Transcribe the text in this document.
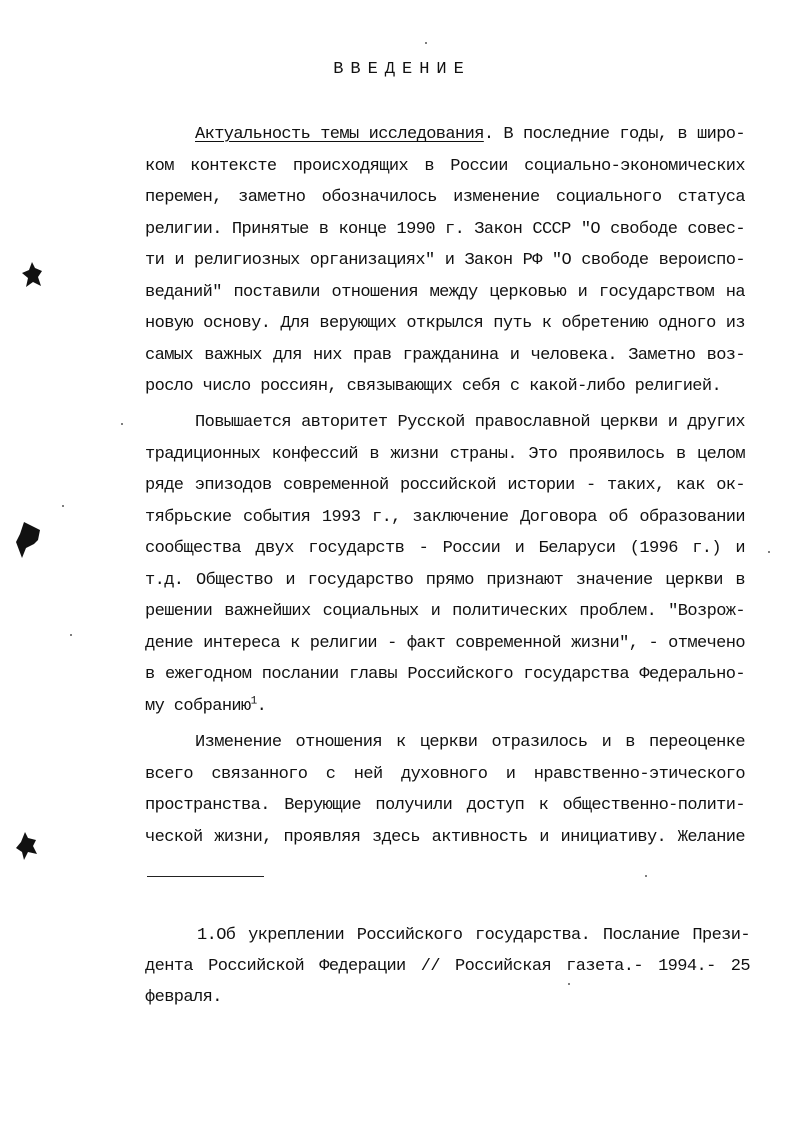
ВВЕДЕНИЕ
Актуальность темы исследования. В последние годы, в широ-
ком контексте происходящих в России социально-экономических
перемен, заметно обозначилось изменение социального статуса
религии. Принятые в конце 1990 г. Закон СССР "О свободе совес-
ти и религиозных организациях" и Закон РФ "О свободе вероиспо-
веданий" поставили отношения между церковью и государством на
новую основу. Для верующих открылся путь к обретению одного из
самых важных для них прав гражданина и человека. Заметно воз-
росло число россиян, связывающих себя с какой-либо религией.
Повышается авторитет Русской православной церкви и других
традиционных конфессий в жизни страны. Это проявилось в целом
ряде эпизодов современной российской истории - таких, как ок-
тябрьские события 1993 г., заключение Договора об образовании
сообщества двух государств - России и Беларуси (1996 г.) и
т.д. Общество и государство прямо признают значение церкви в
решении важнейших социальных и политических проблем. "Возрож-
дение интереса к религии - факт современной жизни", - отмечено
в ежегодном послании главы Российского государства Федерально-
му собранию$^1$.
Изменение отношения к церкви отразилось и в переоценке
всего связанного с ней духовного и нравственно-этического
пространства. Верующие получили доступ к общественно-полити-
ческой жизни, проявляя здесь активность и инициативу. Желание
1.Об укреплении Российского государства. Послание Прези-
дента Российской Федерации // Российская газета.- 1994.- 25
февраля.
